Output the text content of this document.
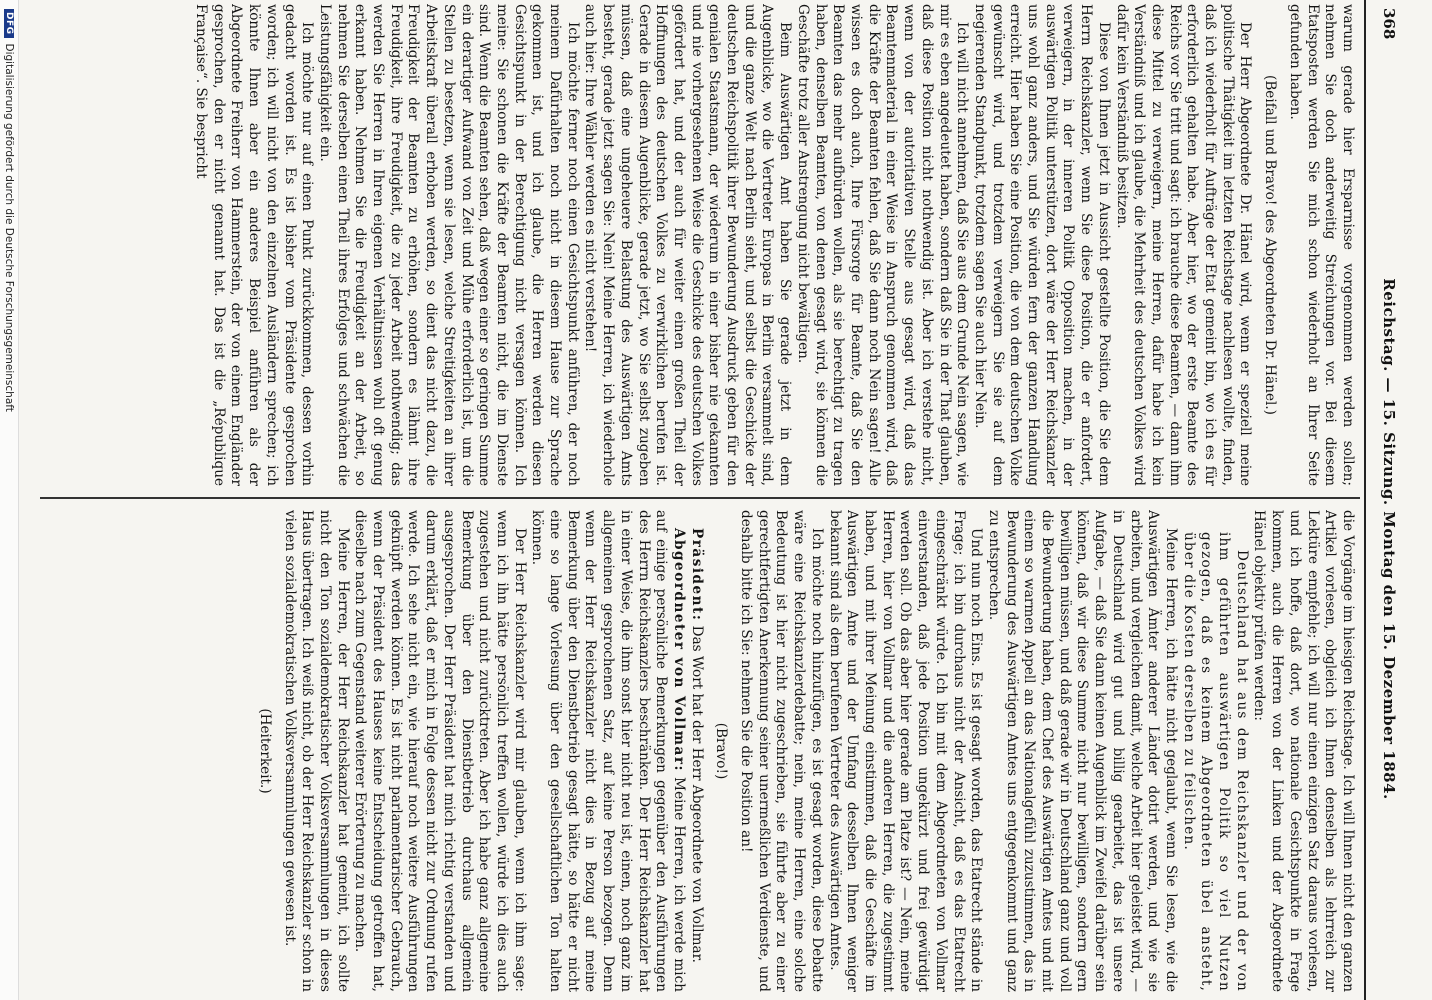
DFG
Digitalisierung gefördert durch die Deutsche Forschungsgemeinschaft
368
Reichstag. — 15. Sitzung. Montag den 15. Dezember 1884.

warum gerade hier Ersparnisse vorgenommen werden sollen; nehmen Sie doch anderweitig Streichungen vor. Bei diesem Etatsposten werden Sie mich schon wiederholt an Ihrer Seite gefunden haben.

(Beifall und Bravo! des Abgeordneten Dr. Hänel.)

Der Herr Abgeordnete Dr. Hänel wird, wenn er speziell meine politische Thätigkeit im letzten Reichstage nachlesen wollte, finden, daß ich wiederholt für Aufträge der Etat gemeint bin, wo ich es für erforderlich gehalten habe. Aber hier, wo der erste Beamte des Reichs vor Sie tritt und sagt: ich brauche diese Beamten, — dann ihm diese Mittel zu verweigern, meine Herren, dafür habe ich kein Verständniß und ich glaube, die Mehrheit des deutschen Volkes wird dafür kein Verständniß besitzen.

Diese von Ihnen jetzt in Aussicht gestellte Position, die Sie dem Herrn Reichskanzler, wenn Sie diese Position, die er anfordert, verweigern, in der inneren Politik Opposition machen, in der auswärtigen Politik unterstützen, dort wäre der Herr Reichskanzler uns wohl ganz anders, und Sie würden fern der ganzen Handlung erreicht. Hier haben Sie eine Position, die von dem deutschen Volke gewünscht wird, und trotzdem verweigern Sie sie auf dem negierenden Standpunkt, trotzdem sagen Sie auch hier Nein.

Ich will nicht annehmen, daß Sie aus dem Grunde Nein sagen, wie mir es eben angedeutet haben, sondern daß Sie in der That glauben, daß diese Position nicht nothwendig ist. Aber ich verstehe nicht, wenn von der autoritativen Stelle aus gesagt wird, daß das Beamtenmaterial in einer Weise in Anspruch genommen wird, daß die Kräfte der Beamten fehlen, daß Sie dann noch Nein sagen! Alle wissen es doch auch, Ihre Fürsorge für Beamte, daß Sie den Beamten das mehr aufbürden wollen, als sie berechtigt zu tragen haben, denselben Beamten, von denen gesagt wird, sie können die Geschäfte trotz aller Anstrengung nicht bewältigen.

Beim Auswärtigen Amt haben Sie gerade jetzt in dem Augenblicke, wo die Vertreter Europas in Berlin versammelt sind, und die ganze Welt nach Berlin sieht, und selbst die Geschicke der deutschen Reichspolitik ihrer Bewunderung Ausdruck geben für den genialen Staatsmann, der wiederum in einer bisher nie gekannten und nie vorhergesehenen Weise die Geschicke des deutschen Volkes gefördert hat, und der auch für weiter einen großen Theil der Hoffnungen des deutschen Volkes zu verwirklichen berufen ist. Gerade in diesem Augenblicke, gerade jetzt, wo Sie selbst zugeben müssen, daß eine ungeheuere Belastung des Auswärtigen Amts besteht, gerade jetzt sagen Sie: Nein! Meine Herren, ich wiederhole auch hier: Ihre Wähler werden es nicht verstehen!

Ich möchte ferner noch einen Gesichtspunkt anführen, der noch meinem Dafürhalten noch nicht in diesem Hause zur Sprache gekommen ist, und ich glaube, die Herren werden diesen Gesichtspunkt in der Berechtigung nicht versagen können. Ich meine: Sie schonen die Kräfte der Beamten nicht, die im Dienste sind. Wenn die Beamten sehen, daß wegen einer so geringen Summe ein derartiger Aufwand von Zeit und Mühe erforderlich ist, um die Stellen zu besetzen, wenn sie lesen, welche Streitigkeiten an ihrer Arbeitskraft überall erhoben werden, so dient das nicht dazu, die Freudigkeit der Beamten zu erhöhen, sondern es lähmt ihre Freudigkeit, ihre Freudigkeit, die zu jeder Arbeit nothwendig; das werden Sie Herren in Ihren eigenen Verhältnissen wohl oft genug erkannt haben. Nehmen Sie die Freudigkeit an der Arbeit, so nehmen Sie derselben einen Theil ihres Erfolges und schwächen die Leistungsfähigkeit ein.

Ich möchte nur auf einen Punkt zurückkommen, dessen vorhin gedacht worden ist. Es ist bisher vom Präsidente gesprochen worden; ich will nicht von den einzelnen Ausländern sprechen; ich könnte Ihnen aber ein anderes Beispiel anführen als der Abgeordnete Freiherr von Hammerstein, der von einem Engländer gesprochen, den er nicht genannt hat. Das ist die „République Française“. Sie bespricht

die Vorgänge im hiesigen Reichstage. Ich will Ihnen nicht den ganzen Artikel vorlesen, obgleich ich Ihnen denselben als lehrreich zur Lektüre empfehle; ich will nur einen einzigen Satz daraus vorlesen, und ich hoffe, daß dort, wo nationale Gesichtspunkte in Frage kommen, auch die Herren von der Linken und der Abgeordnete Hänel objektiv prüfen werden:

Deutschland hat aus dem Reichskanzler und der von ihm geführten auswärtigen Politik so viel Nutzen gezogen, daß es keinem Abgeordneten übel ansteht, über die Kosten derselben zu feilschen.

Meine Herren, ich hätte nicht geglaubt, wenn Sie lesen, wie die Auswärtigen Ämter anderer Länder dotirt werden, und wie sie arbeiten, und vergleichen damit, welche Arbeit hier geleistet wird, — in Deutschland wird gut und billig gearbeitet, das ist unsere Aufgabe, — daß Sie dann keinen Augenblick im Zweifel darüber sein können, daß wir diese Summe nicht nur bewilligen, sondern gern bewilligen müssen, und daß gerade wir in Deutschland ganz und voll die Bewunderung haben, dem Chef des Auswärtigen Amtes und mit einem so warmen Appell an das Nationalgefühl zuzustimmen, das in Bewunderung des Auswärtigen Amtes uns entgegenkommt und ganz zu entsprechen.

Und nun noch Eins. Es ist gesagt worden, das Etatrecht stände in Frage; ich bin durchaus nicht der Ansicht, daß es das Etatrecht eingeschränkt würde. Ich bin mit dem Abgeordneten von Vollmar einverstanden, daß jede Position ungekürzt und frei gewürdigt werden soll. Ob das aber hier gerade am Platze ist? — Nein, meine Herren, hier von Vollmar und die anderen Herren, die zugestimmt haben, und mit ihrer Meinung einstimmen, daß die Geschäfte im Auswärtigen Amte und der Umfang desselben Ihnen weniger bekannt sind als dem berufenen Vertreter des Auswärtigen Amtes.

Ich möchte noch hinzufügen, es ist gesagt worden, diese Debatte wäre eine Reichskanzlerdebatte; nein, meine Herren, eine solche Bedeutung ist hier nicht zugeschrieben, sie führte aber zu einer gerechtfertigten Anerkennung seiner unermeßlichen Verdienste, und deshalb bitte ich Sie: nehmen Sie die Position an!

(Bravo!)

Präsident: Das Wort hat der Herr Abgeordnete von Vollmar.

Abgeordneter von Vollmar: Meine Herren, ich werde mich auf einige persönliche Bemerkungen gegenüber den Ausführungen des Herrn Reichskanzlers beschränken. Der Herr Reichskanzler hat in einer Weise, die ihm sonst hier nicht neu ist, einen, noch ganz im allgemeinen gesprochenen Satz, auf keine Person bezogen. Denn wenn der Herr Reichskanzler nicht dies in Bezug auf meine Bemerkung über den Dienstbetrieb gesagt hätte, so hätte er nicht eine so lange Vorlesung über den gesellschaftlichen Ton halten können.

Der Herr Reichskanzler wird mir glauben, wenn ich ihm sage: wenn ich ihn hätte persönlich treffen wollen, würde ich dies auch zugestehen und nicht zurücktreten. Aber ich habe ganz allgemeine Bemerkung über den Dienstbetrieb durchaus allgemein ausgesprochen. Der Herr Präsident hat mich richtig verstanden und darum erklärt, daß er mich in Folge dessen nicht zur Ordnung rufen werde. Ich sehe nicht ein, wie hierauf noch weitere Ausführungen geknüpft werden können. Es ist nicht parlamentarischer Gebrauch, wenn der Präsident des Hauses keine Entscheidung getroffen hat, dieselbe nach zum Gegenstand weiterer Erörterung zu machen.

Meine Herren, der Herr Reichskanzler hat gemeint, ich sollte nicht den Ton sozialdemokratischer Volksversammlungen in dieses Haus übertragen. Ich weiß nicht, ob der Herr Reichskanzler schon in vielen sozialdemokratischen Volksversammlungen gewesen ist.

(Heiterkeit.)
